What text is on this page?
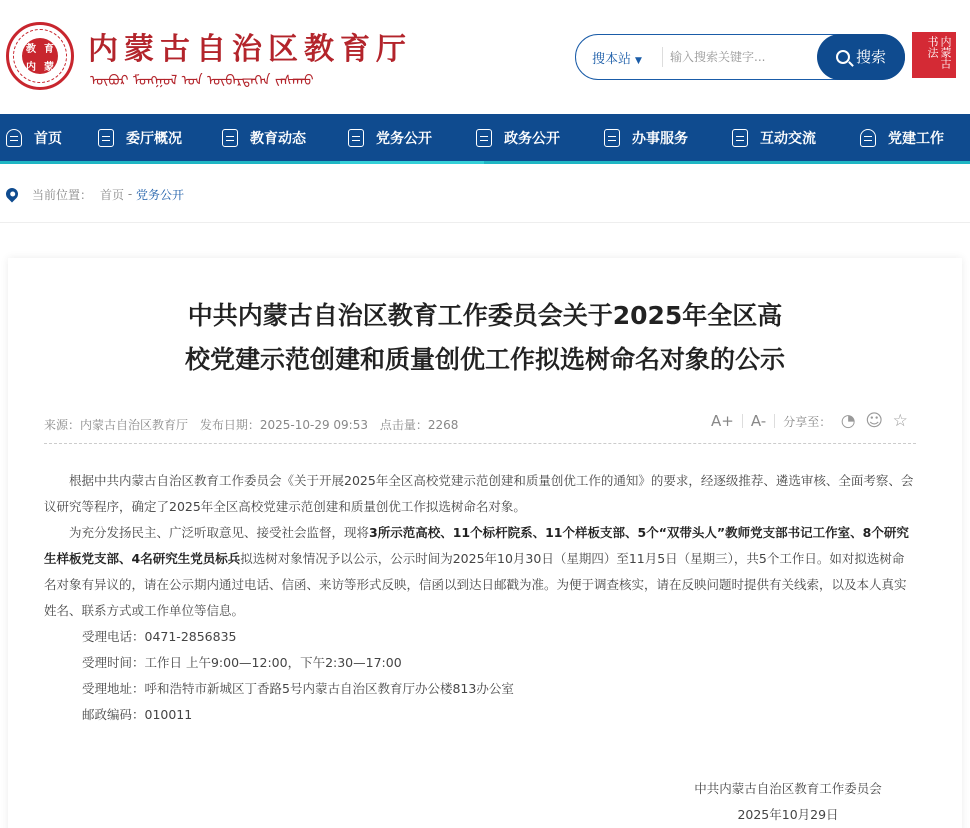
教 育
内 蒙 内蒙古自治区教育厅
ᠥᠪᠦᠷ ᠮᠣᠩᠭᠣᠯ ᠤᠨ ᠥᠪᠡᠷᠲᠡᠭᠡᠨ ᠵᠠᠰᠠᠬᠤ
搜本站 ▼
输入搜索关键字...	搜索	内蒙古书法
首页	委厅概况	教育动态	党务公开	政务公开	办事服务	互动交流	党建工作
当前位置： 首页 - 党务公开
中共内蒙古自治区教育工作委员会关于2025年全区高
校党建示范创建和质量创优工作拟选树命名对象的公示
来源：内蒙古自治区教育厅 发布日期：2025-10-29 09:53 点击量：2268	A+ A- 分享至： ◔ ☺ ☆

根据中共内蒙古自治区教育工作委员会《关于开展2025年全区高校党建示范创建和质量创优工作的通知》的要求，经逐级推荐、遴选审核、全面考察、会议研究等程序，确定了2025年全区高校党建示范创建和质量创优工作拟选树命名对象。

为充分发扬民主、广泛听取意见、接受社会监督，现将3所示范高校、11个标杆院系、11个样板支部、5个“双带头人”教师党支部书记工作室、8个研究生样板党支部、4名研究生党员标兵拟选树对象情况予以公示，公示时间为2025年10月30日（星期四）至11月5日（星期三），共5个工作日。如对拟选树命名对象有异议的，请在公示期内通过电话、信函、来访等形式反映，信函以到达日邮戳为准。为便于调查核实，请在反映问题时提供有关线索，以及本人真实姓名、联系方式或工作单位等信息。

受理电话：0471-2856835

受理时间：工作日 上午9:00—12:00，下午2:30—17:00

受理地址：呼和浩特市新城区丁香路5号内蒙古自治区教育厅办公楼813办公室

邮政编码：010011

中共内蒙古自治区教育工作委员会
2025年10月29日
